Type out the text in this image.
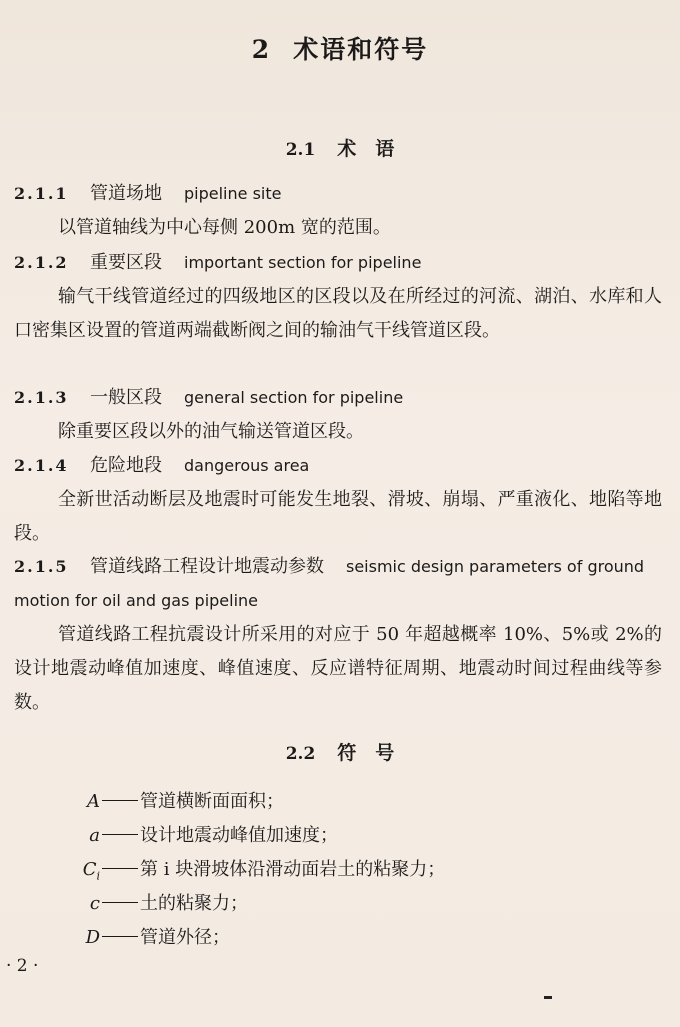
2 术语和符号
2.1 术　语
2.1.1 管道场地 pipeline site
以管道轴线为中心每侧 200m 宽的范围。
2.1.2 重要区段 important section for pipeline
输气干线管道经过的四级地区的区段以及在所经过的河流、湖泊、水库和人口密集区设置的管道两端截断阀之间的输油气干线管道区段。
2.1.3 一般区段 general section for pipeline
除重要区段以外的油气输送管道区段。
2.1.4 危险地段 dangerous area
全新世活动断层及地震时可能发生地裂、滑坡、崩塌、严重液化、地陷等地段。
2.1.5 管道线路工程设计地震动参数 seismic design parameters of ground motion for oil and gas pipeline
管道线路工程抗震设计所采用的对应于 50 年超越概率 10%、5%或 2%的设计地震动峰值加速度、峰值速度、反应谱特征周期、地震动时间过程曲线等参数。
2.2 符　号
A 管道横断面面积；
a 设计地震动峰值加速度；
$C_i$ 第 i 块滑坡体沿滑动面岩土的粘聚力；
c 土的粘聚力；
D 管道外径；
· 2 ·
